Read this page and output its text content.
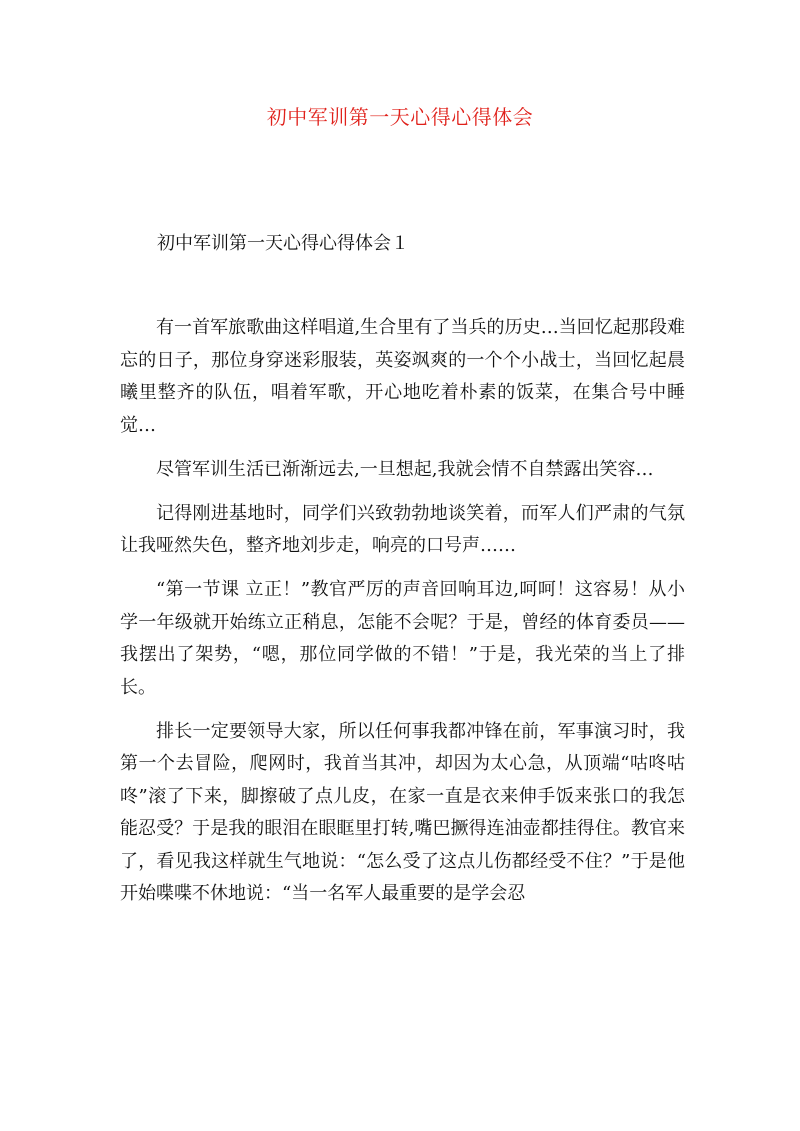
初中军训第一天心得心得体会
初中军训第一天心得心得体会１

有一首军旅歌曲这样唱道,生合里有了当兵的历史…当回忆起那段难忘的日子，那位身穿迷彩服装，英姿飒爽的一个个小战士，当回忆起晨曦里整齐的队伍，唱着军歌，开心地吃着朴素的饭菜，在集合号中睡觉…

尽管军训生活已渐渐远去,一旦想起,我就会情不自禁露出笑容…

记得刚进基地时，同学们兴致勃勃地谈笑着，而军人们严肃的气氛让我哑然失色，整齐地刘步走，响亮的口号声……

“第一节课 立正！”教官严厉的声音回响耳边,呵呵！这容易！从小学一年级就开始练立正稍息，怎能不会呢？于是，曾经的体育委员——我摆出了架势，“嗯，那位同学做的不错！”于是，我光荣的当上了排长。

排长一定要领导大家，所以任何事我都冲锋在前，军事演习时，我第一个去冒险，爬网时，我首当其冲，却因为太心急，从顶端“咕咚咕咚”滚了下来，脚擦破了点儿皮，在家一直是衣来伸手饭来张口的我怎能忍受？于是我的眼泪在眼眶里打转,嘴巴撅得连油壶都挂得住。教官来了，看见我这样就生气地说：“怎么受了这点儿伤都经受不住？”于是他开始喋喋不休地说：“当一名军人最重要的是学会忍
